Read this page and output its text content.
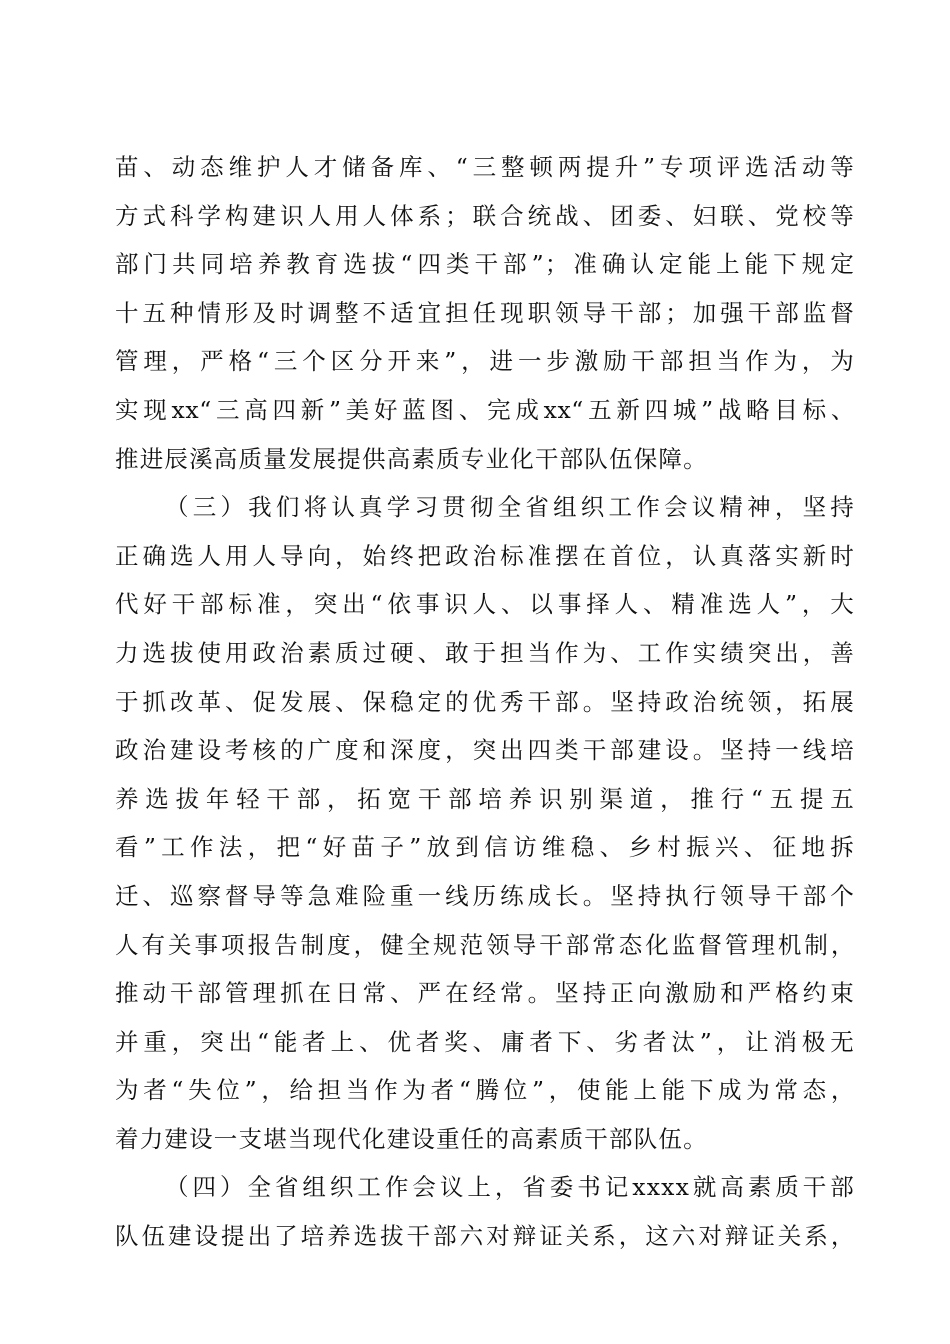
苗、动态维护人才储备库、“三整顿两提升”专项评选活动等
方式科学构建识人用人体系；联合统战、团委、妇联、党校等
部门共同培养教育选拔“四类干部”；准确认定能上能下规定
十五种情形及时调整不适宜担任现职领导干部；加强干部监督
管理，严格“三个区分开来”，进一步激励干部担当作为，为
实现xx“三高四新”美好蓝图、完成xx“五新四城”战略目标、
推进辰溪高质量发展提供高素质专业化干部队伍保障。
（三）我们将认真学习贯彻全省组织工作会议精神，坚持
正确选人用人导向，始终把政治标准摆在首位，认真落实新时
代好干部标准，突出“依事识人、以事择人、精准选人”，大
力选拔使用政治素质过硬、敢于担当作为、工作实绩突出，善
于抓改革、促发展、保稳定的优秀干部。坚持政治统领，拓展
政治建设考核的广度和深度，突出四类干部建设。坚持一线培
养选拔年轻干部，拓宽干部培养识别渠道，推行“五提五
看”工作法，把“好苗子”放到信访维稳、乡村振兴、征地拆
迁、巡察督导等急难险重一线历练成长。坚持执行领导干部个
人有关事项报告制度，健全规范领导干部常态化监督管理机制，
推动干部管理抓在日常、严在经常。坚持正向激励和严格约束
并重，突出“能者上、优者奖、庸者下、劣者汰”，让消极无
为者“失位”，给担当作为者“腾位”，使能上能下成为常态，
着力建设一支堪当现代化建设重任的高素质干部队伍。
（四）全省组织工作会议上，省委书记xxxx就高素质干部
队伍建设提出了培养选拔干部六对辩证关系，这六对辩证关系，
